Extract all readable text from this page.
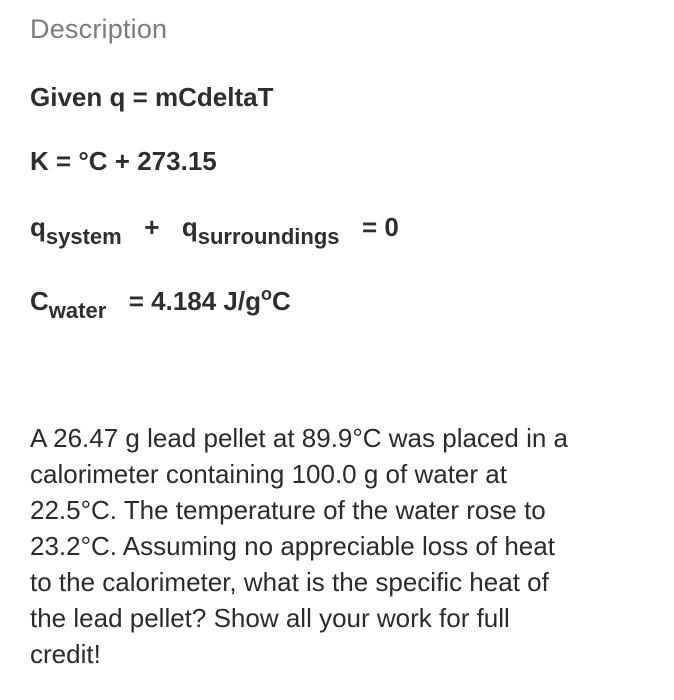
Description
Given q = mCdeltaT
K = °C + 273.15
$q_{system} + q_{surroundings} = 0$
$C_{water} = 4.184$ $J/g^oC$
A 26.47 g lead pellet at 89.9°C was placed in a
calorimeter containing 100.0 g of water at
22.5°C. The temperature of the water rose to
23.2°C. Assuming no appreciable loss of heat
to the calorimeter, what is the specific heat of
the lead pellet? Show all your work for full
credit!
